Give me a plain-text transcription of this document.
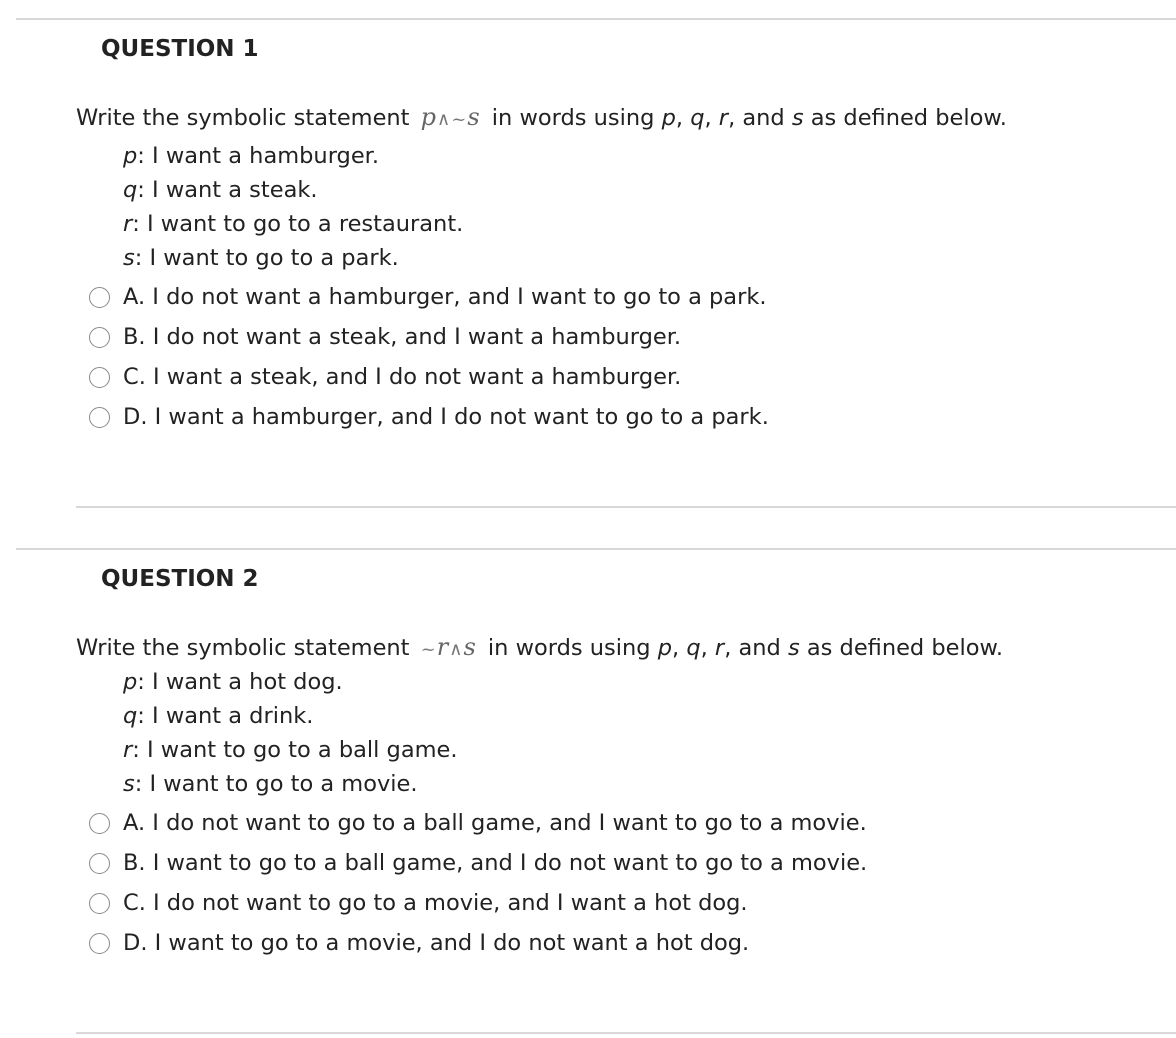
QUESTION 1
Write the symbolic statement p∧~s in words using p, q, r, and s as defined below.
p: I want a hamburger.
q: I want a steak.
r: I want to go to a restaurant.
s: I want to go to a park.
A. I do not want a hamburger, and I want to go to a park.
B. I do not want a steak, and I want a hamburger.
C. I want a steak, and I do not want a hamburger.
D. I want a hamburger, and I do not want to go to a park.
QUESTION 2
Write the symbolic statement ~r∧s in words using p, q, r, and s as defined below.
p: I want a hot dog.
q: I want a drink.
r: I want to go to a ball game.
s: I want to go to a movie.
A. I do not want to go to a ball game, and I want to go to a movie.
B. I want to go to a ball game, and I do not want to go to a movie.
C. I do not want to go to a movie, and I want a hot dog.
D. I want to go to a movie, and I do not want a hot dog.
